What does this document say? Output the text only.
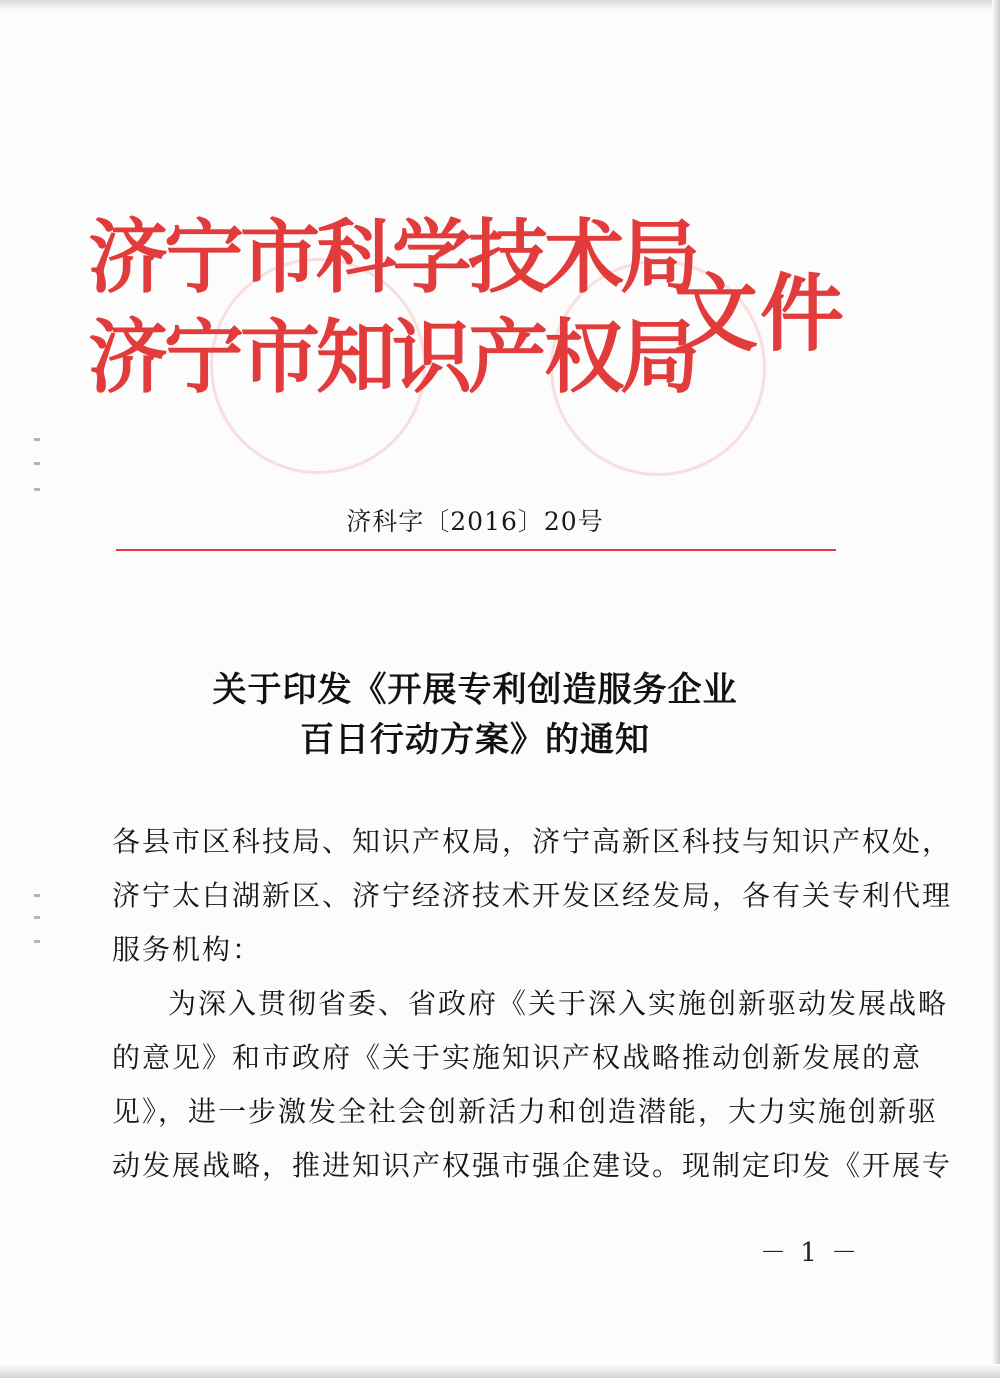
济宁市科学技术局
济宁市知识产权局
文件
济科字〔2016〕20号
关于印发《开展专利创造服务企业
百日行动方案》的通知
各县市区科技局、知识产权局，济宁高新区科技与知识产权处，
济宁太白湖新区、济宁经济技术开发区经发局，各有关专利代理
服务机构：
为深入贯彻省委、省政府《关于深入实施创新驱动发展战略
的意见》和市政府《关于实施知识产权战略推动创新发展的意
见》，进一步激发全社会创新活力和创造潜能，大力实施创新驱
动发展战略，推进知识产权强市强企建设。现制定印发《开展专
－ 1 －
